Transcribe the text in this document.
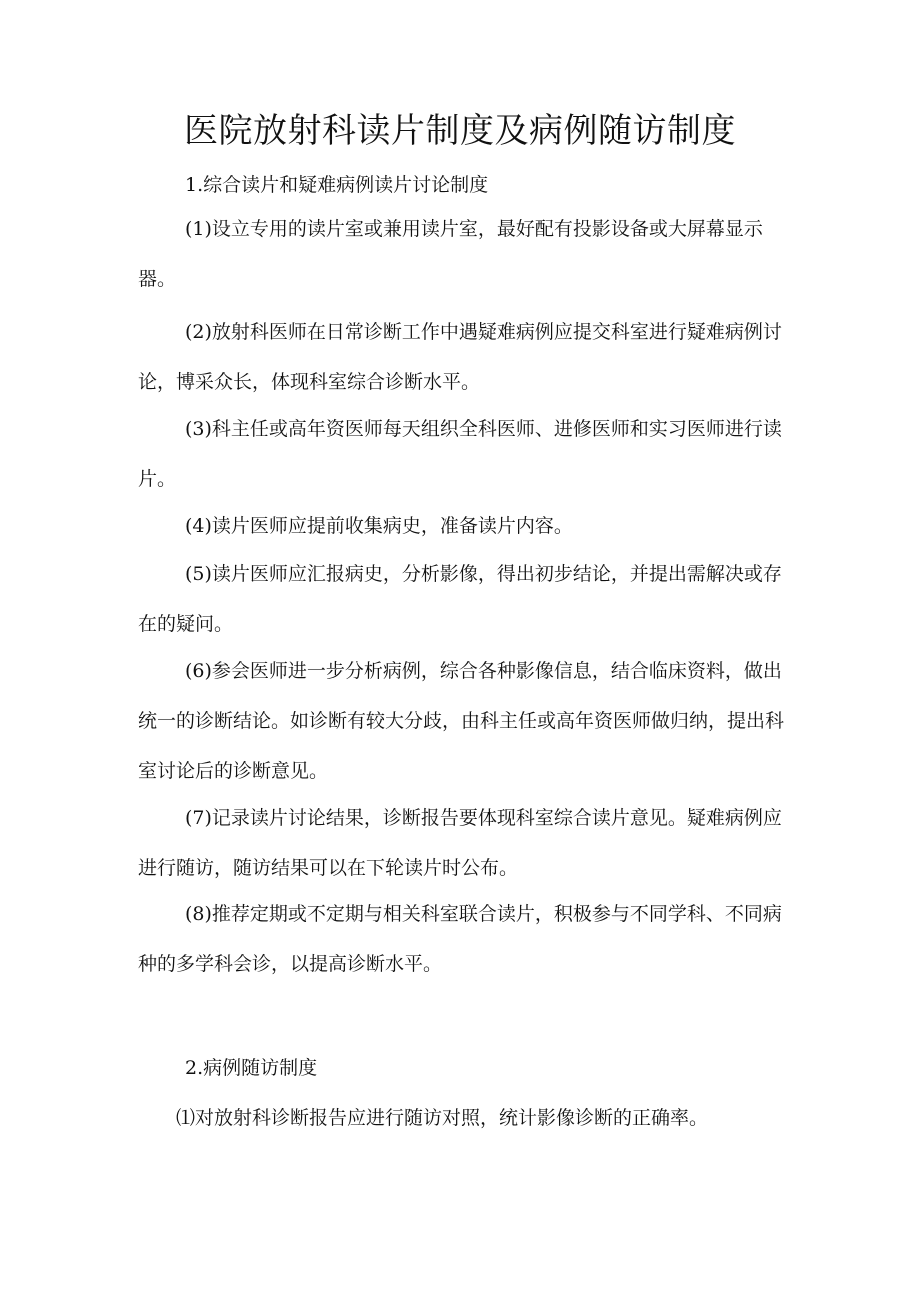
医院放射科读片制度及病例随访制度

1.综合读片和疑难病例读片讨论制度

(1)设立专用的读片室或兼用读片室，最好配有投影设备或大屏幕显示器。

(2)放射科医师在日常诊断工作中遇疑难病例应提交科室进行疑难病例讨论，博采众长，体现科室综合诊断水平。

(3)科主任或高年资医师每天组织全科医师、进修医师和实习医师进行读片。

(4)读片医师应提前收集病史，准备读片内容。

(5)读片医师应汇报病史，分析影像，得出初步结论，并提出需解决或存在的疑问。

(6)参会医师进一步分析病例，综合各种影像信息，结合临床资料，做出统一的诊断结论。如诊断有较大分歧，由科主任或高年资医师做归纳，提出科室讨论后的诊断意见。

(7)记录读片讨论结果，诊断报告要体现科室综合读片意见。疑难病例应进行随访，随访结果可以在下轮读片时公布。

(8)推荐定期或不定期与相关科室联合读片，积极参与不同学科、不同病种的多学科会诊，以提高诊断水平。

2.病例随访制度

⑴对放射科诊断报告应进行随访对照，统计影像诊断的正确率。
